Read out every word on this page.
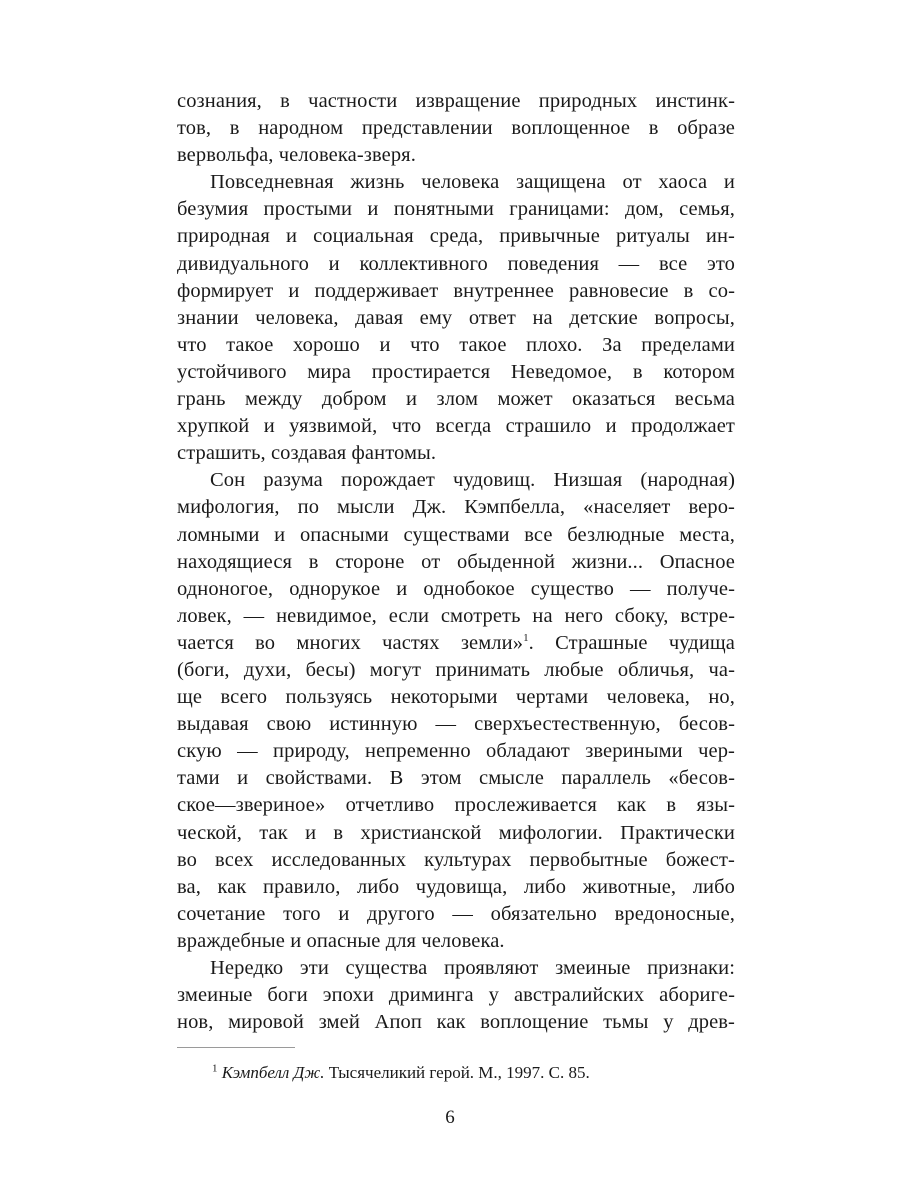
сознания, в частности извращение природных инстинк-
тов, в народном представлении воплощенное в образе
вервольфа, человека-зверя.
Повседневная жизнь человека защищена от хаоса и
безумия простыми и понятными границами: дом, семья,
природная и социальная среда, привычные ритуалы ин-
дивидуального и коллективного поведения — все это
формирует и поддерживает внутреннее равновесие в со-
знании человека, давая ему ответ на детские вопросы,
что такое хорошо и что такое плохо. За пределами
устойчивого мира простирается Неведомое, в котором
грань между добром и злом может оказаться весьма
хрупкой и уязвимой, что всегда страшило и продолжает
страшить, создавая фантомы.
Сон разума порождает чудовищ. Низшая (народная)
мифология, по мысли Дж. Кэмпбелла, «населяет веро-
ломными и опасными существами все безлюдные места,
находящиеся в стороне от обыденной жизни... Опасное
одноногое, однорукое и однобокое существо — получе-
ловек, — невидимое, если смотреть на него сбоку, встре-
чается во многих частях земли»$^1$. Страшные чудища
(боги, духи, бесы) могут принимать любые обличья, ча-
ще всего пользуясь некоторыми чертами человека, но,
выдавая свою истинную — сверхъестественную, бесов-
скую — природу, непременно обладают звериными чер-
тами и свойствами. В этом смысле параллель «бесов-
ское—звериное» отчетливо прослеживается как в язы-
ческой, так и в христианской мифологии. Практически
во всех исследованных культурах первобытные божест-
ва, как правило, либо чудовища, либо животные, либо
сочетание того и другого — обязательно вредоносные,
враждебные и опасные для человека.
Нередко эти существа проявляют змеиные признаки:
змеиные боги эпохи дриминга у австралийских абориге-
нов, мировой змей Апоп как воплощение тьмы у древ-
$^1$ Кэмпбелл Дж. Тысячеликий герой. М., 1997. С. 85.
6
